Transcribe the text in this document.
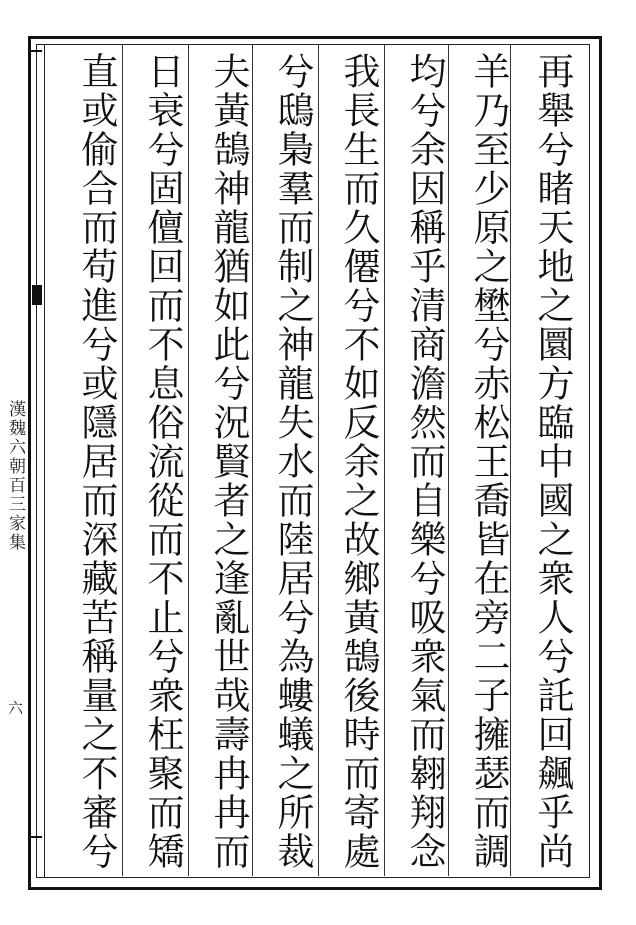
漢魏六朝百三家集
六	再舉兮睹天地之圜方臨中國之衆人兮託回飆乎尚
羊乃至少原之壄兮赤松王喬皆在旁二子擁瑟而調
均兮余因稱乎清商澹然而自樂兮吸衆氣而翱翔念
我長生而久僊兮不如反余之故鄉黃鵠後時而寄處
兮鴟梟羣而制之神龍失水而陸居兮為螻蟻之所裁
夫黃鵠神龍猶如此兮況賢者之逢亂世哉壽冉冉而
日衰兮固儃回而不息俗流從而不止兮衆枉聚而矯
直或偷合而苟進兮或隱居而深藏苦稱量之不審兮
